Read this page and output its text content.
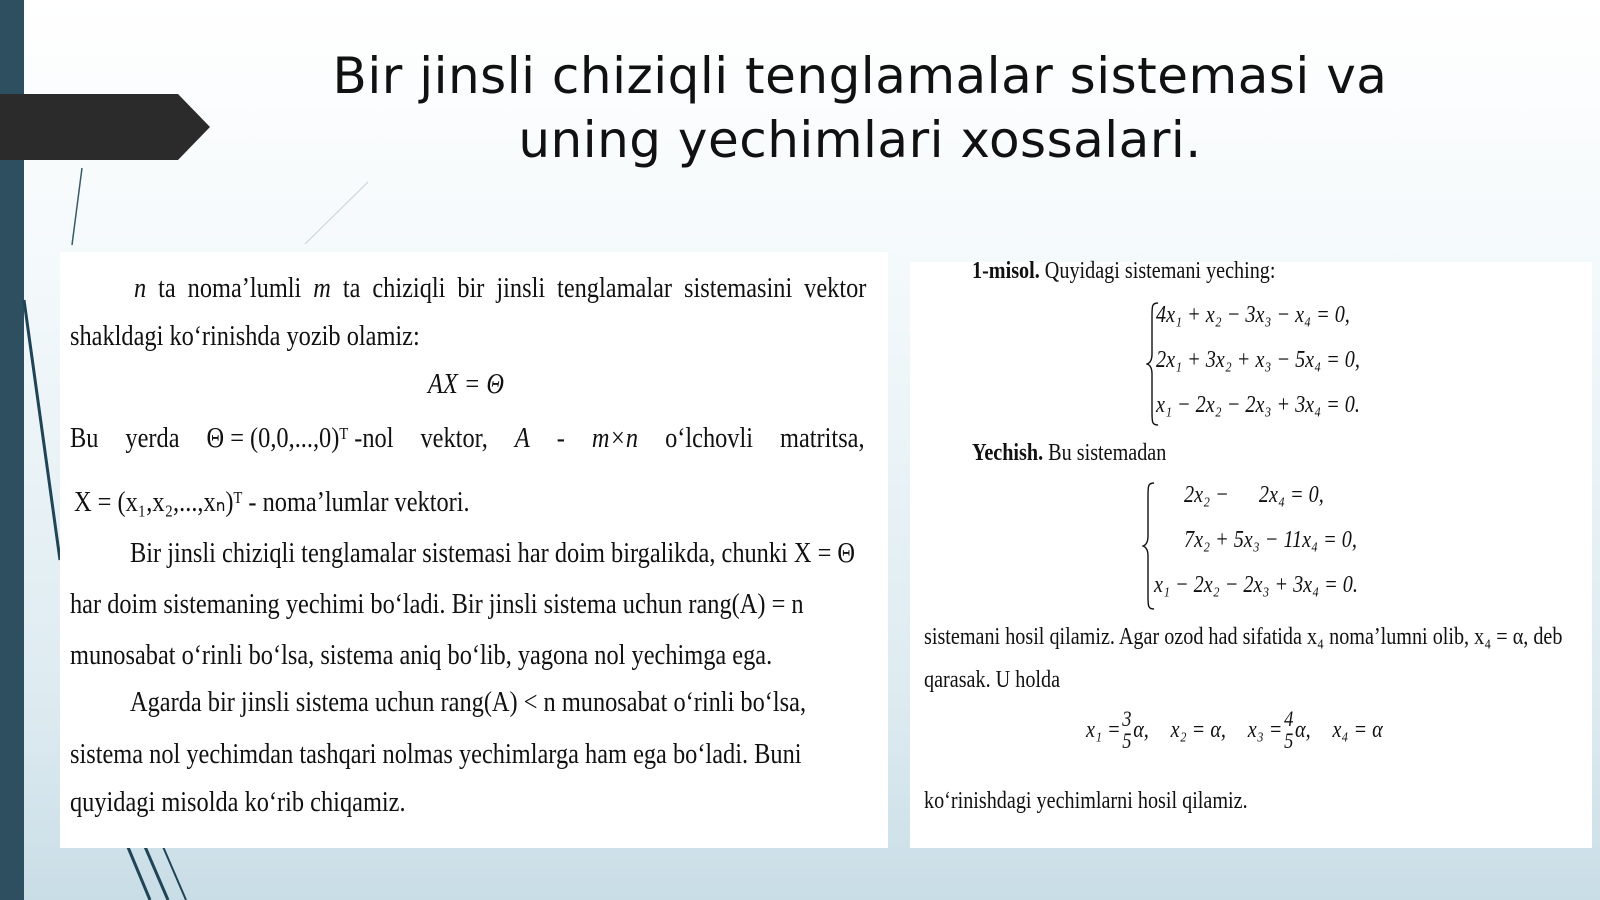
Bir jinsli chiziqli tenglamalar sistemasi va
uning yechimlari xossalari.
n ta noma’lumli m ta chiziqli bir jinsli tenglamalar sistemasini vektor
shakldagi ko‘rinishda yozib olamiz:
AX = Θ
Bu yerda Θ = (0,0,...,0)ᵀ -nol vektor, A - m×n o‘lchovli matritsa,
X = (x₁,x₂,...,xₙ)ᵀ - noma’lumlar vektori.
Bir jinsli chiziqli tenglamalar sistemasi har doim birgalikda, chunki X = Θ
har doim sistemaning yechimi bo‘ladi. Bir jinsli sistema uchun rang(A) = n
munosabat o‘rinli bo‘lsa, sistema aniq bo‘lib, yagona nol yechimga ega.
Agarda bir jinsli sistema uchun rang(A) < n munosabat o‘rinli bo‘lsa,
sistema nol yechimdan tashqari nolmas yechimlarga ham ega bo‘ladi. Buni
quyidagi misolda ko‘rib chiqamiz.
1-misol. Quyidagi sistemani yeching:
4x₁ + x₂ − 3x₃ − x₄ = 0,
2x₁ + 3x₂ + x₃ − 5x₄ = 0,
x₁ − 2x₂ − 2x₃ + 3x₄ = 0.
Yechish. Bu sistemadan
2x₂ −      2x₄ = 0,
7x₂ + 5x₃ − 11x₄ = 0,
x₁ − 2x₂ − 2x₃ + 3x₄ = 0.
sistemani hosil qilamiz. Agar ozod had sifatida x₄ noma’lumni olib, x₄ = α, deb
qarasak. U holda
x₁ = 3
5 α, x₂ = α, x₃ = 4
5 α, x₄ = α
ko‘rinishdagi yechimlarni hosil qilamiz.
